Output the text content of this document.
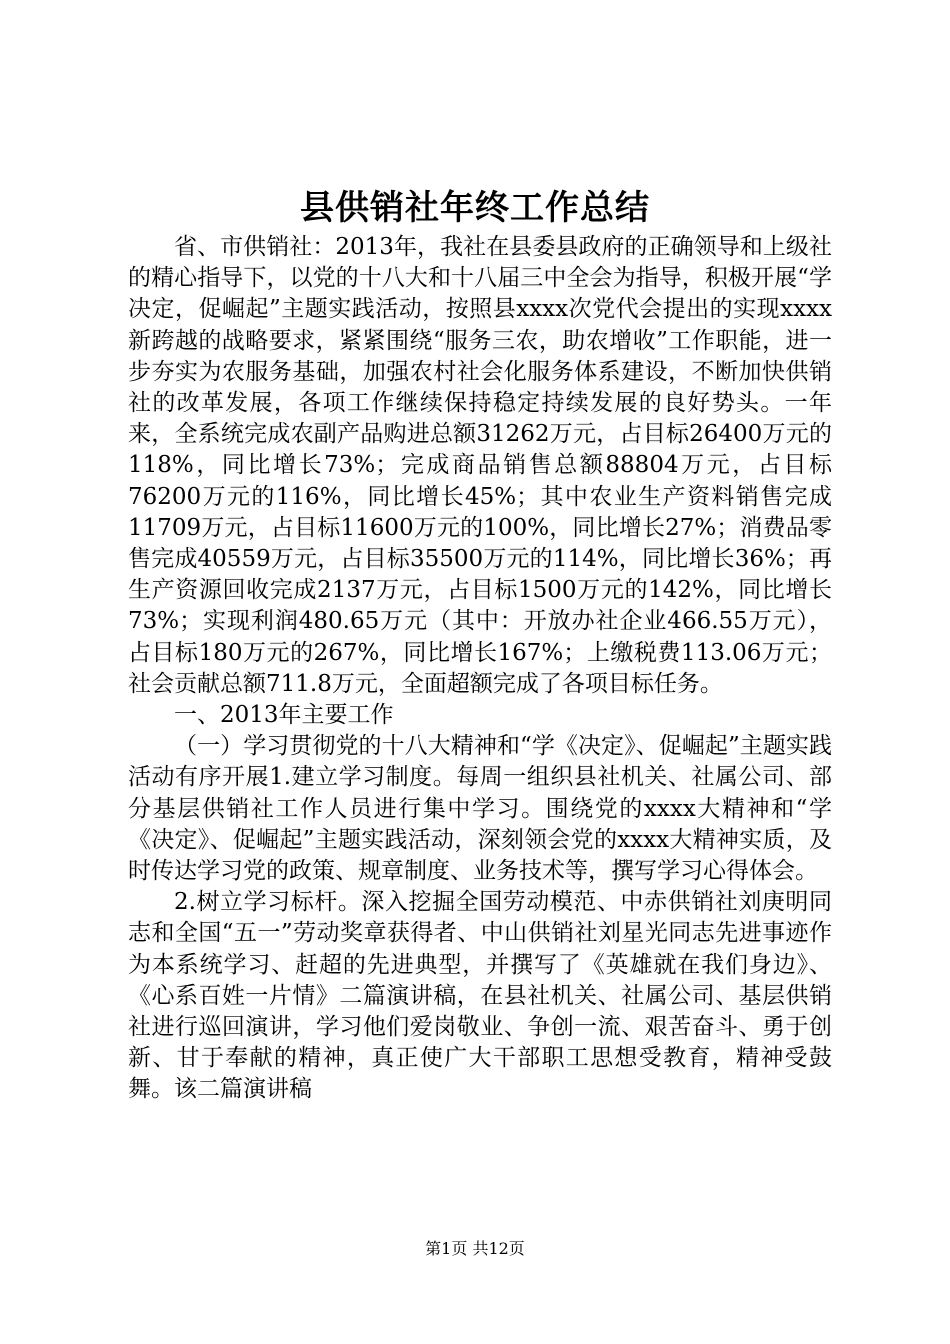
县供销社年终工作总结

省、市供销社：2013年，我社在县委县政府的正确领导和上级社的精心指导下，以党的十八大和十八届三中全会为指导，积极开展“学决定，促崛起”主题实践活动，按照县xxxx次党代会提出的实现xxxx新跨越的战略要求，紧紧围绕“服务三农，助农增收”工作职能，进一步夯实为农服务基础，加强农村社会化服务体系建设，不断加快供销社的改革发展，各项工作继续保持稳定持续发展的良好势头。一年来，全系统完成农副产品购进总额31262万元，占目标26400万元的118%，同比增长73%；完成商品销售总额88804万元，占目标76200万元的116%，同比增长45%；其中农业生产资料销售完成11709万元，占目标11600万元的100%，同比增长27%；消费品零售完成40559万元，占目标35500万元的114%，同比增长36%；再生产资源回收完成2137万元，占目标1500万元的142%，同比增长73%；实现利润480.65万元（其中：开放办社企业466.55万元），占目标180万元的267%，同比增长167%；上缴税费113.06万元；社会贡献总额711.8万元，全面超额完成了各项目标任务。

一、2013年主要工作

（一）学习贯彻党的十八大精神和“学《决定》、促崛起”主题实践活动有序开展1.建立学习制度。每周一组织县社机关、社属公司、部分基层供销社工作人员进行集中学习。围绕党的xxxx大精神和“学《决定》、促崛起”主题实践活动，深刻领会党的xxxx大精神实质，及时传达学习党的政策、规章制度、业务技术等，撰写学习心得体会。

2.树立学习标杆。深入挖掘全国劳动模范、中赤供销社刘庚明同志和全国“五一”劳动奖章获得者、中山供销社刘星光同志先进事迹作为本系统学习、赶超的先进典型，并撰写了《英雄就在我们身边》、《心系百姓一片情》二篇演讲稿，在县社机关、社属公司、基层供销社进行巡回演讲，学习他们爱岗敬业、争创一流、艰苦奋斗、勇于创新、甘于奉献的精神，真正使广大干部职工思想受教育，精神受鼓舞。该二篇演讲稿

第1页 共12页
